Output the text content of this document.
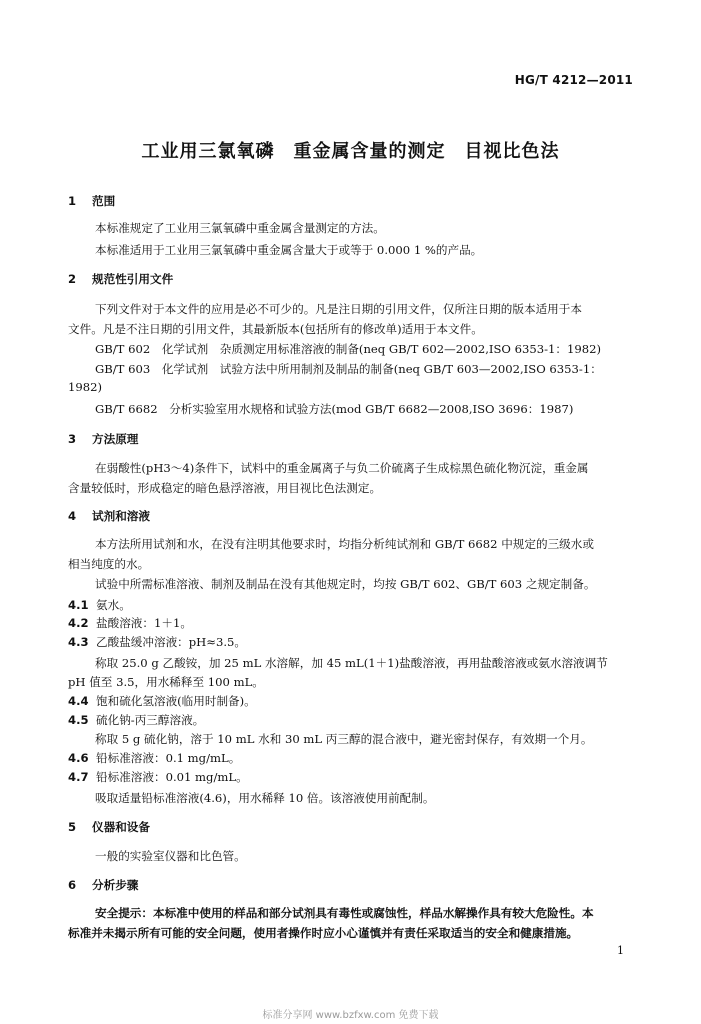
HG/T 4212—2011
工业用三氯氧磷　重金属含量的测定　目视比色法
1 范围
本标准规定了工业用三氯氧磷中重金属含量测定的方法。
本标准适用于工业用三氯氧磷中重金属含量大于或等于 0.000 1 %的产品。
2 规范性引用文件
下列文件对于本文件的应用是必不可少的。凡是注日期的引用文件，仅所注日期的版本适用于本
文件。凡是不注日期的引用文件，其最新版本(包括所有的修改单)适用于本文件。
GB/T 602　化学试剂　杂质测定用标准溶液的制备(neq GB/T 602—2002,ISO 6353-1：1982)
GB/T 603　化学试剂　试验方法中所用制剂及制品的制备(neq GB/T 603—2002,ISO 6353-1：
1982)
GB/T 6682　分析实验室用水规格和试验方法(mod GB/T 6682—2008,ISO 3696：1987)
3 方法原理
在弱酸性(pH3～4)条件下，试料中的重金属离子与负二价硫离子生成棕黑色硫化物沉淀，重金属
含量较低时，形成稳定的暗色悬浮溶液，用目视比色法测定。
4 试剂和溶液
本方法所用试剂和水，在没有注明其他要求时，均指分析纯试剂和 GB/T 6682 中规定的三级水或
相当纯度的水。
试验中所需标准溶液、制剂及制品在没有其他规定时，均按 GB/T 602、GB/T 603 之规定制备。
4.1 氨水。
4.2 盐酸溶液：1＋1。
4.3 乙酸盐缓冲溶液：pH≈3.5。
称取 25.0 g 乙酸铵，加 25 mL 水溶解，加 45 mL(1＋1)盐酸溶液，再用盐酸溶液或氨水溶液调节
pH 值至 3.5，用水稀释至 100 mL。
4.4 饱和硫化氢溶液(临用时制备)。
4.5 硫化钠-丙三醇溶液。
称取 5 g 硫化钠，溶于 10 mL 水和 30 mL 丙三醇的混合液中，避光密封保存，有效期一个月。
4.6 铅标准溶液：0.1 mg/mL。
4.7 铅标准溶液：0.01 mg/mL。
吸取适量铅标准溶液(4.6)，用水稀释 10 倍。该溶液使用前配制。
5 仪器和设备
一般的实验室仪器和比色管。
6 分析步骤
安全提示：本标准中使用的样品和部分试剂具有毒性或腐蚀性，样品水解操作具有较大危险性。本
标准并未揭示所有可能的安全问题，使用者操作时应小心谨慎并有责任采取适当的安全和健康措施。
1
标准分享网 www.bzfxw.com 免费下载
